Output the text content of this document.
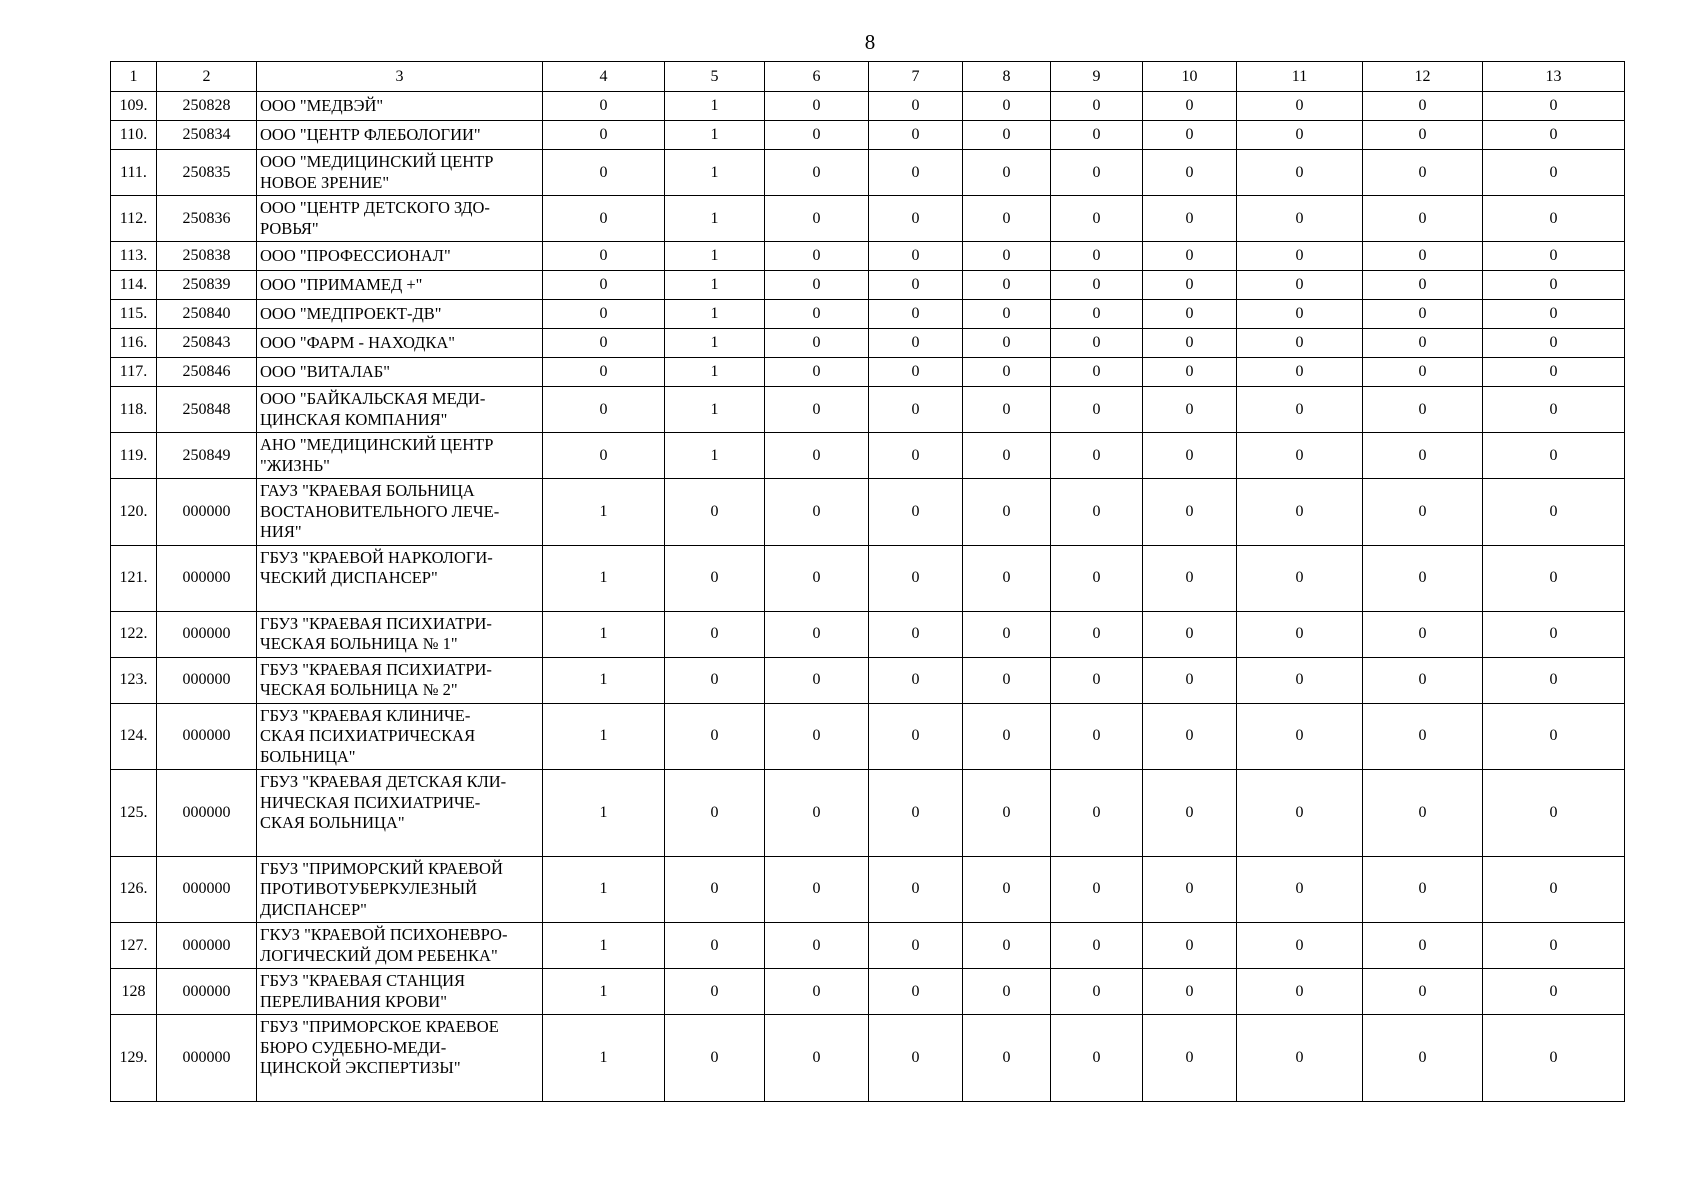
8
1	2	3	4	5	6	7	8	9	10	11	12	13
109.	250828	ООО "МЕДВЭЙ"	0	1	0	0	0	0	0	0	0	0
110.	250834	ООО "ЦЕНТР ФЛЕБОЛОГИИ"	0	1	0	0	0	0	0	0	0	0
111.	250835	ООО "МЕДИЦИНСКИЙ ЦЕНТР
НОВОЕ ЗРЕНИЕ"	0	1	0	0	0	0	0	0	0	0
112.	250836	ООО "ЦЕНТР ДЕТСКОГО ЗДО-
РОВЬЯ"	0	1	0	0	0	0	0	0	0	0
113.	250838	ООО "ПРОФЕССИОНАЛ"	0	1	0	0	0	0	0	0	0	0
114.	250839	ООО "ПРИМАМЕД +"	0	1	0	0	0	0	0	0	0	0
115.	250840	ООО "МЕДПРОЕКТ-ДВ"	0	1	0	0	0	0	0	0	0	0
116.	250843	ООО "ФАРМ - НАХОДКА"	0	1	0	0	0	0	0	0	0	0
117.	250846	ООО "ВИТАЛАБ"	0	1	0	0	0	0	0	0	0	0
118.	250848	ООО "БАЙКАЛЬСКАЯ МЕДИ-
ЦИНСКАЯ КОМПАНИЯ"	0	1	0	0	0	0	0	0	0	0
119.	250849	АНО "МЕДИЦИНСКИЙ ЦЕНТР
"ЖИЗНЬ"	0	1	0	0	0	0	0	0	0	0
120.	000000	ГАУЗ "КРАЕВАЯ БОЛЬНИЦА
ВОСТАНОВИТЕЛЬНОГО ЛЕЧЕ-
НИЯ"	1	0	0	0	0	0	0	0	0	0
121.	000000	ГБУЗ "КРАЕВОЙ НАРКОЛОГИ-
ЧЕСКИЙ ДИСПАНСЕР"	1	0	0	0	0	0	0	0	0	0
122.	000000	ГБУЗ "КРАЕВАЯ ПСИХИАТРИ-
ЧЕСКАЯ БОЛЬНИЦА № 1"	1	0	0	0	0	0	0	0	0	0
123.	000000	ГБУЗ "КРАЕВАЯ ПСИХИАТРИ-
ЧЕСКАЯ БОЛЬНИЦА № 2"	1	0	0	0	0	0	0	0	0	0
124.	000000	ГБУЗ "КРАЕВАЯ КЛИНИЧЕ-
СКАЯ ПСИХИАТРИЧЕСКАЯ
БОЛЬНИЦА"	1	0	0	0	0	0	0	0	0	0
125.	000000	ГБУЗ "КРАЕВАЯ ДЕТСКАЯ КЛИ-
НИЧЕСКАЯ ПСИХИАТРИЧЕ-
СКАЯ БОЛЬНИЦА"	1	0	0	0	0	0	0	0	0	0
126.	000000	ГБУЗ "ПРИМОРСКИЙ КРАЕВОЙ
ПРОТИВОТУБЕРКУЛЕЗНЫЙ
ДИСПАНСЕР"	1	0	0	0	0	0	0	0	0	0
127.	000000	ГКУЗ "КРАЕВОЙ ПСИХОНЕВРО-
ЛОГИЧЕСКИЙ ДОМ РЕБЕНКА"	1	0	0	0	0	0	0	0	0	0
128	000000	ГБУЗ "КРАЕВАЯ СТАНЦИЯ
ПЕРЕЛИВАНИЯ КРОВИ"	1	0	0	0	0	0	0	0	0	0
129.	000000	ГБУЗ "ПРИМОРСКОЕ КРАЕВОЕ
БЮРО СУДЕБНО-МЕДИ-
ЦИНСКОЙ ЭКСПЕРТИЗЫ"	1	0	0	0	0	0	0	0	0	0
